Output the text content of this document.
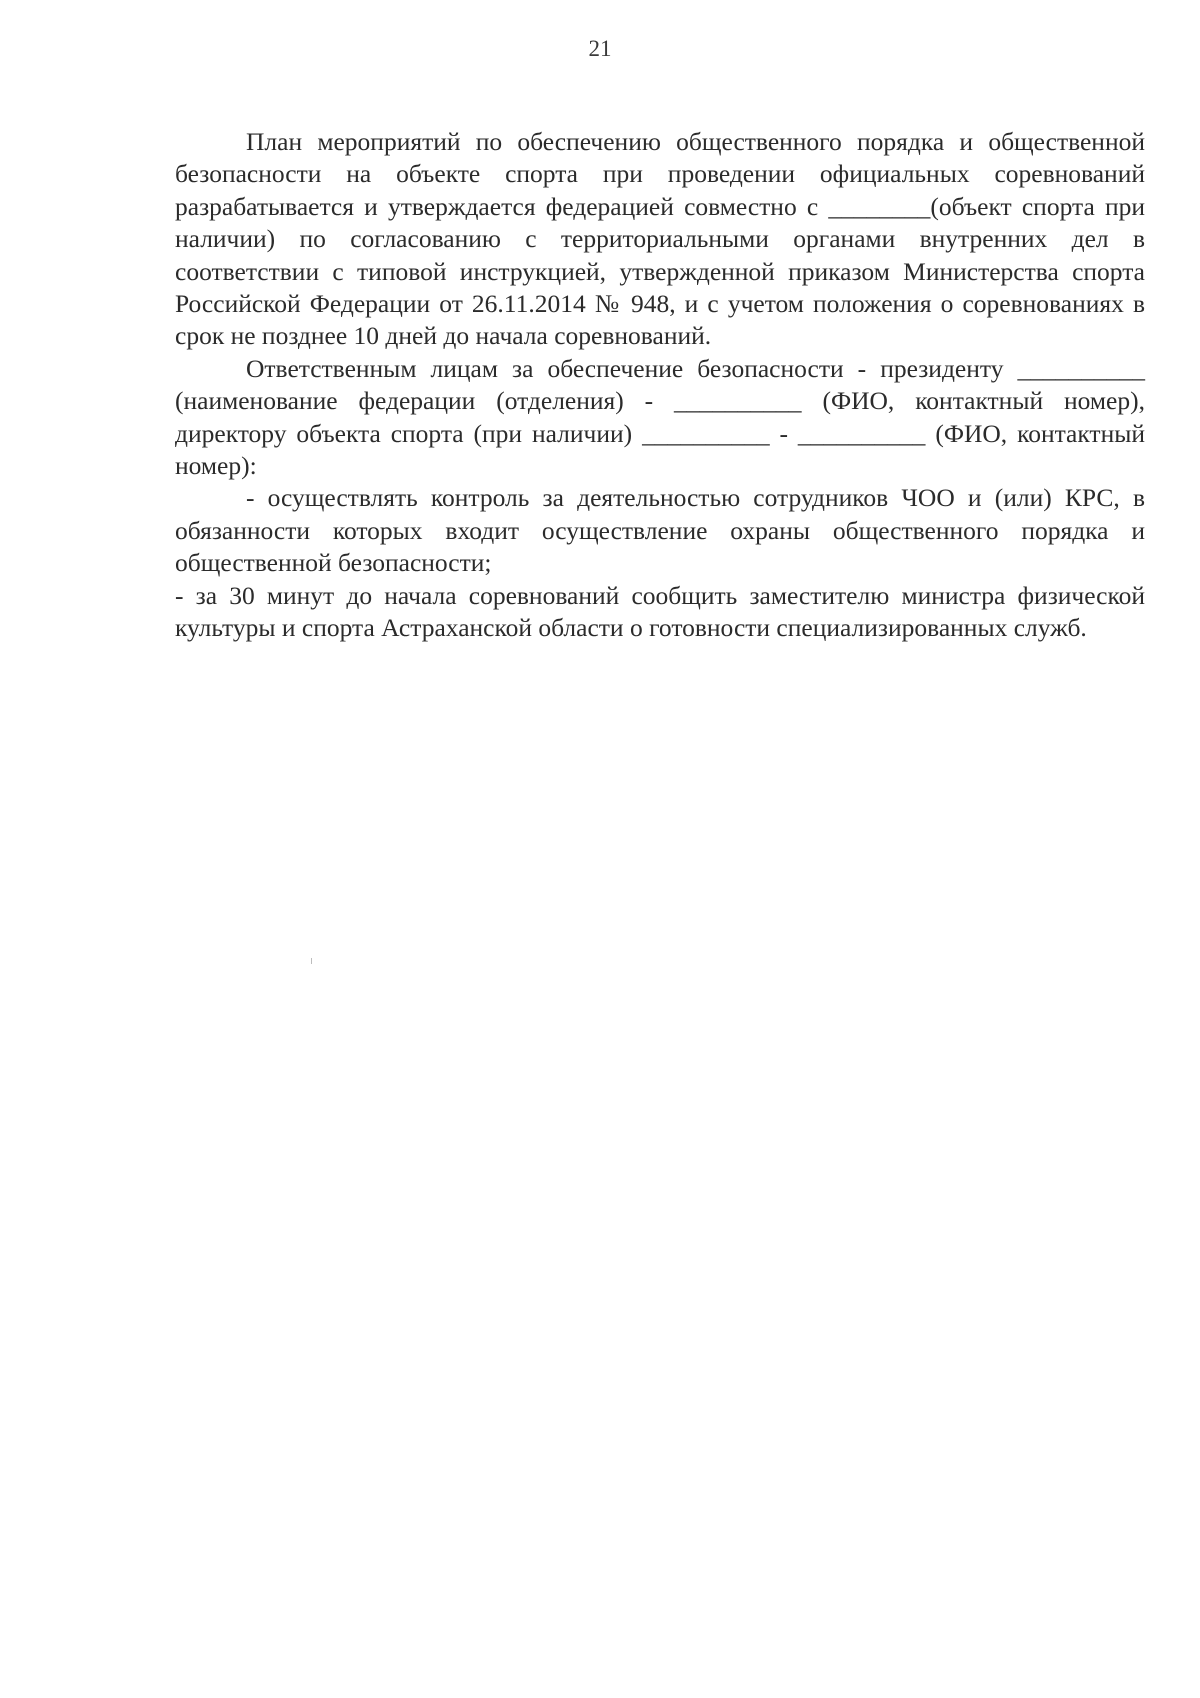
21

План мероприятий по обеспечению общественного порядка и общественной безопасности на объекте спорта при проведении официальных соревнований разрабатывается и утверждается федерацией совместно с ________(объект спорта при наличии) по согласованию с территориальными органами внутренних дел в соответствии с типовой инструкцией, утвержденной приказом Министерства спорта Российской Федерации от 26.11.2014 № 948, и с учетом положения о соревнованиях в срок не позднее 10 дней до начала соревнований.

Ответственным лицам за обеспечение безопасности - президенту __________ (наименование федерации (отделения) - __________ (ФИО, контактный номер), директору объекта спорта (при наличии) __________ - __________ (ФИО, контактный номер):

- осуществлять контроль за деятельностью сотрудников ЧОО и (или) КРС, в обязанности которых входит осуществление охраны общественного порядка и общественной безопасности;

- за 30 минут до начала соревнований сообщить заместителю министра физической культуры и спорта Астраханской области о готовности специализированных служб.
